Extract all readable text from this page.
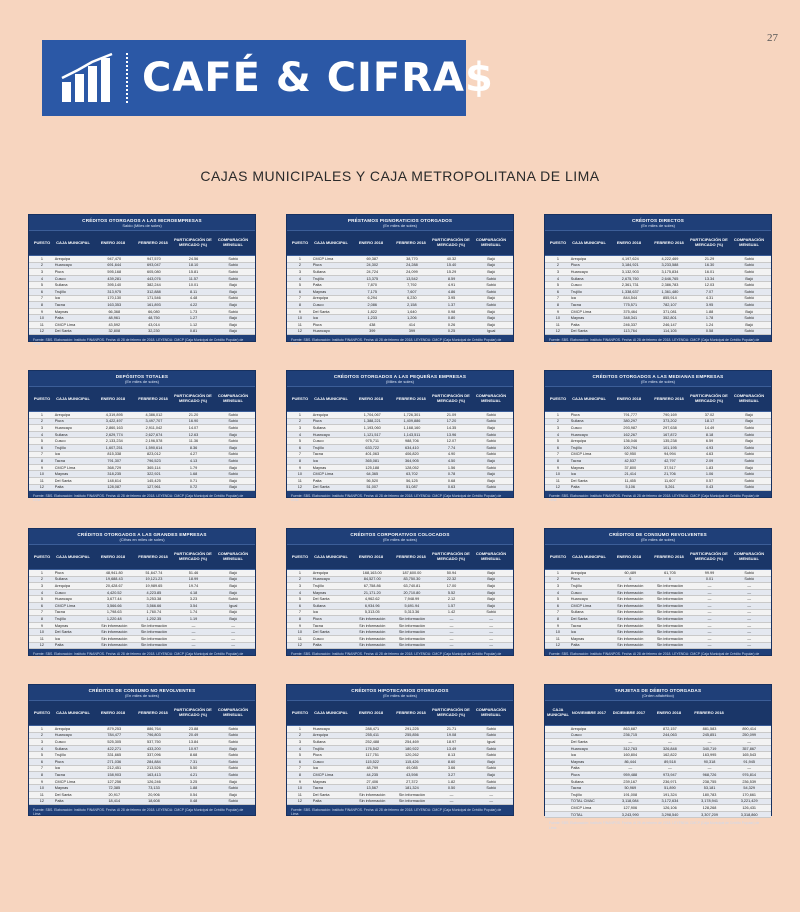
27
CAFÉ & CIFRA$
CAJAS MUNICIPALES Y CAJA METROPOLITANA DE LIMA
CRÉDITOS OTORGADOS A LAS MICROEMPRESAS
Saldo (Miles de soles)
PUESTO	CAJA MUNICIPAL	ENERO 2018	FEBRERO 2018	PARTICIPACIÓN DE MERCADO (%)
COMPARACIÓN MENSUAL
1	Arequipa	947,470	947,570	24.56	Subió
2	Huancayo	691,644	693,047	18.10	Subió
3	Piura	595,168	605,080	15.81	Subió
4	Cusco	439,281	443,076	11.57	Subió
5	Sullana	395,140	382,244	10.01	Bajó
6	Trujillo	313,975	312,888	8.11	Bajó
7	Ica	170,130	171,546	4.48	Subió
8	Tacna	163,353	161,893	4.22	Bajó
9	Maynas	66,368	66,080	1.73	Subió
10	Paita	48,961	48,750	1.27	Bajó
11	CMCP Lima	43,592	43,014	1.12	Bajó
12	Del Santa	32,808	32,230	0.81	Bajó
Fuente: SBS. Elaboración: Instituto FINANPOS. Fecha: Al 28 de febrero de 2018. LEYENDA: CMCP (Caja Municipal de Crédito Popular) de Lima
PRÉSTAMOS PIGNORATICIOS OTORGADOS
(En miles de soles)
PUESTO	CAJA MUNICIPAL	ENERO 2018	FEBRERO 2018	PARTICIPACIÓN DE MERCADO (%)
COMPARACIÓN MENSUAL
1	CMCP Lima	69,387	38,770	40.32	Bajó
2	Piura	24,302	24,288	15.40	Bajó
3	Sullana	24,724	24,099	15.29	Bajó
4	Trujillo	13,375	13,542	8.59	Subió
5	Paita	7,870	7,792	4.91	Subió
6	Maynas	7,175	7,607	4.86	Subió
7	Arequipa	6,294	6,230	3.95	Bajó
8	Cusco	2,086	2,158	1.37	Subió
9	Del Santa	1,822	1,640	0.98	Bajó
10	Ica	1,233	1,206	0.80	Bajó
11	Piura	438	414	0.26	Bajó
12	Huancayo	399	399	0.25	Igual
Fuente: SBS. Elaboración: Instituto FINANPOS. Fecha: Al 28 de febrero de 2018. LEYENDA: CMCP (Caja Municipal de Crédito Popular) de Lima
CRÉDITOS DIRECTOS
(En miles de soles)
PUESTO	CAJA MUNICIPAL	ENERO 2018	FEBRERO 2018	PARTICIPACIÓN DE MERCADO (%)
COMPARACIÓN MENSUAL
1	Arequipa	4,197,624	4,222,469	21.29	Subió
2	Piura	3,184,921	3,233,588	16.30	Subió
3	Huancayo	3,132,903	3,175,834	16.01	Subió
4	Sullana	2,675,760	2,646,765	13.34	Bajó
5	Cusco	2,361,731	2,386,783	12.03	Subió
6	Trujillo	1,338,637	1,361,480	7.07	Subió
7	Ica	844,544	855,914	4.31	Subió
8	Tacna	775,571	782,107	3.95	Subió
9	CMCP Lima	375,464	371,081	1.88	Bajó
10	Maynas	348,341	352,801	1.78	Subió
11	Paita	246,337	246,147	1.24	Bajó
12	Del Santa	113,764	114,105	0.58	Subió
Fuente: SBS. Elaboración: Instituto FINANPOS. Fecha: Al 28 de febrero de 2018. LEYENDA: CMCP (Caja Municipal de Crédito Popular) de Lima
DEPÓSITOS TOTALES
(En miles de soles)
PUESTO	CAJA MUNICIPAL	ENERO 2018	FEBRERO 2018	PARTICIPACIÓN DE MERCADO (%)
COMPARACIÓN MENSUAL
1	Arequipa	4,319,895	4,386,012	21.20	Subió
2	Piura	3,422,497	3,497,707	16.90	Subió
3	Huancayo	2,860,163	2,911,042	14.07	Subió
4	Sullana	2,629,774	2,627,674	12.63	Bajó
5	Cusco	2,133,234	2,196,578	11.36	Subió
6	Trujillo	1,607,251	1,590,614	8.36	Bajó
7	Ica	815,338	823,012	4.27	Subió
8	Tacna	791,307	796,523	4.13	Subió
9	CMCP Lima	368,729	365,114	1.79	Bajó
10	Maynas	318,235	322,921	1.68	Subió
11	Del Santa	148,614	145,425	0.71	Bajó
12	Paita	128,087	127,961	0.72	Bajó
Fuente: SBS. Elaboración: Instituto FINANPOS. Fecha: Al 28 de febrero de 2018. LEYENDA: CMCP (Caja Municipal de Crédito Popular) de Lima
CRÉDITOS OTORGADOS A LAS PEQUEÑAS EMPRESAS
(Miles de soles)
PUESTO	CAJA MUNICIPAL	ENERO 2018	FEBRERO 2018	PARTICIPACIÓN DE MERCADO (%)
COMPARACIÓN MENSUAL
1	Arequipa	1,704,067	1,726,301	21.09	Subió
2	Piura	1,388,221	1,409,886	17.20	Subió
3	Sullana	1,193,060	1,168,160	14.35	Bajó
4	Huancayo	1,121,517	1,143,511	13.96	Subió
5	Cusco	975,711	988,706	12.07	Subió
6	Trujillo	633,722	634,410	7.74	Subió
7	Tacna	401,063	406,820	4.90	Subió
8	Ica	365,081	364,905	4.50	Bajó
9	Maynas	125,188	128,052	1.56	Subió
10	CMCP Lima	64,365	63,702	0.78	Bajó
11	Paita	56,520	56,125	0.68	Bajó
12	Del Santa	51,007	51,087	0.63	Subió
Fuente: SBS. Elaboración: Instituto FINANPOS. Fecha: Al 28 de febrero de 2018. LEYENDA: CMCP (Caja Municipal de Crédito Popular) de Lima
CRÉDITOS OTORGADOS A LAS MEDIANAS EMPRESAS
(En miles de soles)
PUESTO	CAJA MUNICIPAL	ENERO 2018	FEBRERO 2018	PARTICIPACIÓN DE MERCADO (%)
COMPARACIÓN MENSUAL
1	Piura	791,777	790,169	37.02	Bajó
2	Sullana	380,297	373,202	18.17	Bajó
3	Cusco	293,987	297,638	14.49	Subió
4	Huancayo	162,267	167,872	8.18	Subió
5	Arequipa	136,046	135,238	6.59	Bajó
6	Trujillo	100,794	101,195	4.93	Subió
7	CMCP Lima	92,950	94,994	4.63	Subió
8	Tacna	42,537	42,797	2.09	Subió
9	Maynas	37,800	37,517	1.83	Bajó
10	Ica	21,414	21,706	1.06	Subió
11	Del Santa	11,455	11,607	0.57	Subió
12	Paita	5,106	5,261	0.43	Subió
Fuente: SBS. Elaboración: Instituto FINANPOS. Fecha: Al 28 de febrero de 2018. LEYENDA: CMCP (Caja Municipal de Crédito Popular) de Lima
CRÉDITOS OTORGADOS A LAS GRANDES EMPRESAS
(Cifras en miles de soles)
PUESTO	CAJA MUNICIPAL	ENERO 2018	FEBRERO 2018	PARTICIPACIÓN DE MERCADO (%)
COMPARACIÓN MENSUAL
1	Piura	48,941.80	51,647.74	51.46	Bajó
2	Sullana	19,688.43	19,121.23	18.99	Bajó
3	Arequipa	20,428.67	19,989.65	19.74	Bajó
4	Cusco	4,420.52	4,223.85	4.18	Bajó
5	Huancayo	3,677.44	3,253.38	3.23	Subió
6	CMCP Lima	3,566.66	3,566.66	3.54	Igual
7	Tacna	1,798.63	1,760.74	1.74	Bajó
8	Trujillo	1,220.48	1,202.35	1.19	Bajó
9	Maynas	Sin información	Sin información	—	—
10	Del Santa	Sin información	Sin información	—	—
11	Ica	Sin información	Sin información	—	—
12	Paita	Sin información	Sin información	—	—
Fuente: SBS. Elaboración: Instituto FINANPOS. Fecha: Al 28 de febrero de 2018. LEYENDA: CMCP (Caja Municipal de Crédito Popular) de Lima
CRÉDITOS CORPORATIVOS COLOCADOS
(En miles de soles)
PUESTO	CAJA MUNICIPAL	ENERO 2018	FEBRERO 2018	PARTICIPACIÓN DE MERCADO (%)
COMPARACIÓN MENSUAL
1	Arequipa	168,163.00	187,600.00	50.94	Bajó
2	Huancayo	84,527.00	83,750.30	22.32	Bajó
3	Trujillo	67,758.86	63,740.81	17.00	Bajó
4	Maynas	21,171.20	20,710.80	5.52	Bajó
5	Del Santa	4,962.62	7,948.99	2.12	Bajó
6	Sullana	6,934.96	5,691.94	1.57	Bajó
7	Ica	5,313.05	5,313.36	1.42	Subió
8	Piura	Sin información	Sin información	—	—
9	Tacna	Sin información	Sin información	—	—
10	Del Santa	Sin información	Sin información	—	—
11	Cusco	Sin información	Sin información	—	—
12	Paita	Sin información	Sin información	—	—
Fuente: SBS. Elaboración: Instituto FINANPOS. Fecha: Al 28 de febrero de 2018. LEYENDA: CMCP (Caja Municipal de Crédito Popular) de Lima
CRÉDITOS DE CONSUMO REVOLVENTES
(En miles de soles)
PUESTO	CAJA MUNICIPAL	ENERO 2018	FEBRERO 2018	PARTICIPACIÓN DE MERCADO (%)
COMPARACIÓN MENSUAL
1	Arequipa	60,489	61,705	99.99	Subió
2	Piura	6	6	0.01	Subió
3	Trujillo	Sin información	Sin información	—	—
4	Cusco	Sin información	Sin información	—	—
5	Huancayo	Sin información	Sin información	—	—
6	CMCP Lima	Sin información	Sin información	—	—
7	Sullana	Sin información	Sin información	—	—
8	Del Santa	Sin información	Sin información	—	—
9	Tacna	Sin información	Sin información	—	—
10	Ica	Sin información	Sin información	—	—
11	Maynas	Sin información	Sin información	—	—
12	Paita	Sin información	Sin información	—	—
Fuente: SBS. Elaboración: Instituto FINANPOS. Fecha: Al 28 de febrero de 2018. LEYENDA: CMCP (Caja Municipal de Crédito Popular) de Lima
CRÉDITOS DE CONSUMO NO REVOLVENTES
(En miles de soles)
PUESTO	CAJA MUNICIPAL	ENERO 2018	FEBRERO 2018	PARTICIPACIÓN DE MERCADO (%)
COMPARACIÓN MENSUAL
1	Arequipa	879,253	886,764	23.88	Subió
2	Huancayo	784,477	796,803	20.49	Subió
3	Cusco	525,305	537,750	13.84	Subió
4	Sullana	422,271	433,200	10.97	Bajó
5	Trujillo	331,665	337,096	8.68	Subió
6	Piura	271,036	284,884	7.31	Subió
7	Ica	212,451	213,526	5.50	Subió
8	Tacna	158,903	163,413	4.21	Subió
9	CMCP Lima	127,256	126,246	3.25	Bajó
10	Maynas	72,385	73,133	1.88	Subió
11	Del Santa	20,917	20,906	0.54	Bajó
12	Paita	18,414	18,608	0.48	Subió
Fuente: SBS. Elaboración: Instituto FINANPOS. Fecha: Al 28 de febrero de 2018. LEYENDA: CMCP (Caja Municipal de Crédito Popular) de Lima
CRÉDITOS HIPOTECARIOS OTORGADOS
(En miles de soles)
PUESTO	CAJA MUNICIPAL	ENERO 2018	FEBRERO 2018	PARTICIPACIÓN DE MERCADO (%)
COMPARACIÓN MENSUAL
1	Huancayo	288,471	291,225	21.71	Subió
2	Arequipa	255,411	255,856	19.08	Subió
3	Sullana	252,488	254,469	18.97	Igual
4	Trujillo	176,542	180,922	13.49	Subió
5	Piura	117,751	120,262	8.13	Subió
6	Cusco	115,522	115,426	8.60	Bajó
7	Ica	48,799	49,085	3.66	Subió
8	CMCP Lima	44,235	43,598	3.27	Bajó
9	Maynas	27,406	27,372	1.82	Subió
10	Tacna	13,567	181,324	0.50	Subió
11	Del Santa	Sin información	Sin información	—	—
12	Paita	Sin información	Sin información	—	—
Fuente: SBS. Elaboración: Instituto FINANPOS. Fecha: Al 28 de febrero de 2018. LEYENDA: CMCP (Caja Municipal de Crédito Popular) de Lima
TARJETAS DE DÉBITO OTORGADAS
(Orden alfabético)
CAJA MUNICIPAL NOVIEMBRE 2017	DICIEMBRE 2017	ENERO 2018	FEBRERO 2018
Arequipa	863,687	872,157	881,583	890,414
Cusco	236,715	244,063	245,851	250,099
Del Santa	—	—	—	—
Huancayo	312,763	326,848	340,719	357,867
Ica	160,804	162,822	163,995	165,543
Maynas	86,444	89,518	90,318	91,945
Paita	—	—	—	—
Piura	959,488	973,947	968,726	976,814
Sullana	239,167	236,971	238,755	236,539
Tacna	50,969	51,890	53,181	54,329
Trujillo	191,008	191,324	180,783	170,661
TOTAL CMAC	3,118,084	3,172,634	3,178,941	3,221,429
CMCP Lima	127,906	126,106	128,268	126,431
TOTAL	3,243,990	3,298,540	3,307,209	3,318,860
Fuente: SBS. Elaboración: Instituto FINANPOS. Fecha: Al 28 de febrero de 2018. LEYENDA: CMCP (Caja Municipal de Crédito Popular) de Lima
